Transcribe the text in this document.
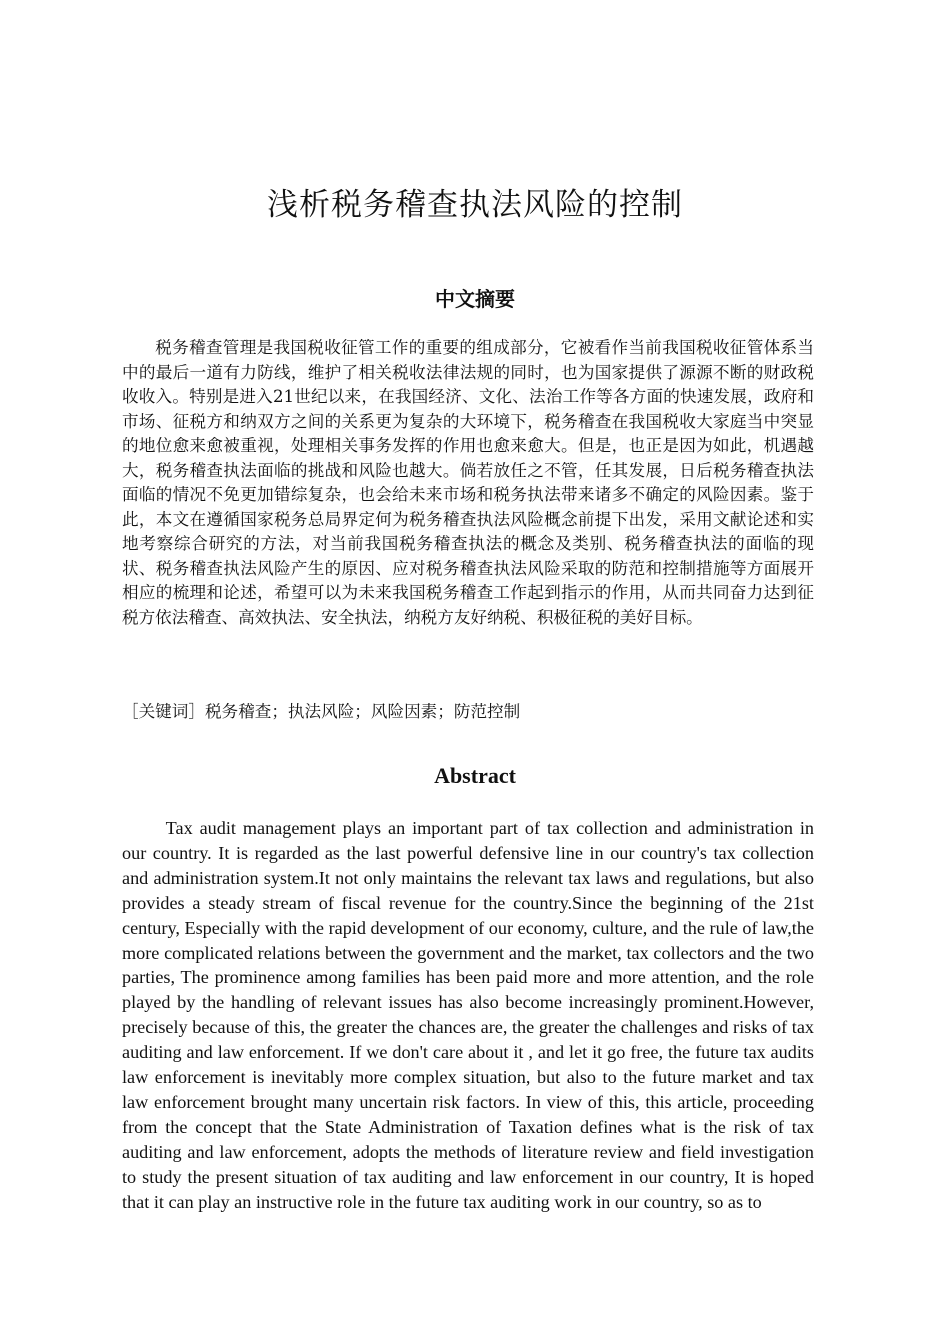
浅析税务稽查执法风险的控制
中文摘要

税务稽查管理是我国税收征管工作的重要的组成部分，它被看作当前我国税收征管体系当中的最后一道有力防线，维护了相关税收法律法规的同时，也为国家提供了源源不断的财政税收收入。特别是进入21世纪以来，在我国经济、文化、法治工作等各方面的快速发展，政府和市场、征税方和纳双方之间的关系更为复杂的大环境下，税务稽查在我国税收大家庭当中突显的地位愈来愈被重视，处理相关事务发挥的作用也愈来愈大。但是，也正是因为如此，机遇越大，税务稽查执法面临的挑战和风险也越大。倘若放任之不管，任其发展，日后税务稽查执法面临的情况不免更加错综复杂，也会给未来市场和税务执法带来诸多不确定的风险因素。鉴于此，本文在遵循国家税务总局界定何为税务稽查执法风险概念前提下出发，采用文献论述和实地考察综合研究的方法，对当前我国税务稽查执法的概念及类别、税务稽查执法的面临的现状、税务稽查执法风险产生的原因、应对税务稽查执法风险采取的防范和控制措施等方面展开相应的梳理和论述，希望可以为未来我国税务稽查工作起到指示的作用，从而共同奋力达到征税方依法稽查、高效执法、安全执法，纳税方友好纳税、积极征税的美好目标。

［关键词］税务稽查；执法风险；风险因素；防范控制
Abstract

Tax audit management plays an important part of tax collection and administration in our country. It is regarded as the last powerful defensive line in our country's tax collection and administration system.It not only maintains the relevant tax laws and regulations, but also provides a steady stream of fiscal revenue for the country.Since the beginning of the 21st century, Especially with the rapid development of our economy, culture, and the rule of law,the more complicated relations between the government and the market, tax collectors and the two parties, The prominence among families has been paid more and more attention, and the role played by the handling of relevant issues has also become increasingly prominent.However, precisely because of this, the greater the chances are, the greater the challenges and risks of tax auditing and law enforcement. If we don't care about it , and let it go free, the future tax audits law enforcement is inevitably more complex situation, but also to the future market and tax law enforcement brought many uncertain risk factors. In view of this, this article, proceeding from the concept that the State Administration of Taxation defines what is the risk of tax auditing and law enforcement, adopts the methods of literature review and field investigation to study the present situation of tax auditing and law enforcement in our country, It is hoped that it can play an instructive role in the future tax auditing work in our country, so as to
